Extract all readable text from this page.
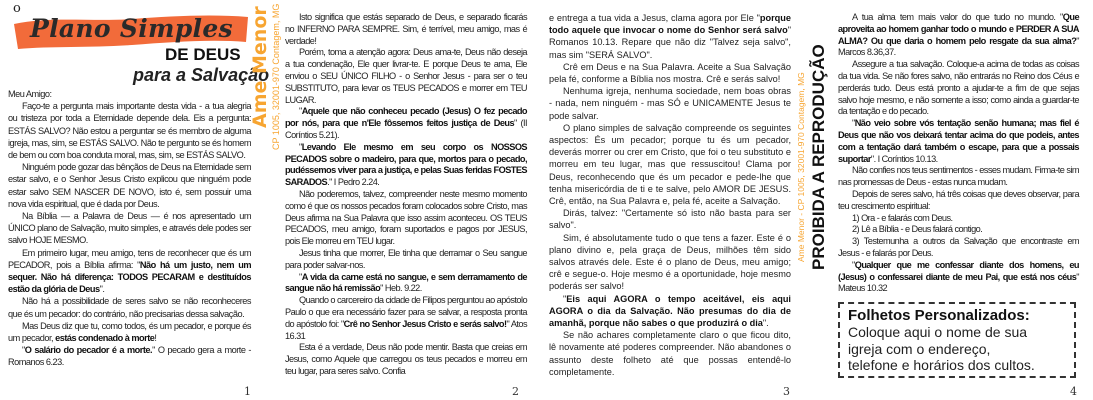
o
Plano Simples
DE DEUS
para a Salvação
Ame Menor CP 1005, 32001-970 Contagem, MG	Ame Menor - CP 1005, 32001-970 Contagem, MG PROIBIDA A REPRODUÇÃO

Meu Amigo:

Faço-te a pergunta mais importante desta vida - a tua alegria ou tristeza por toda a Eternidade depende dela. Eis a pergunta: ESTÁS SALVO? Não estou a perguntar se és membro de alguma igreja, mas, sim, se ESTÁS SALVO. Não te pergunto se és homem de bem ou com boa conduta moral, mas, sim, se ESTÁS SALVO.

Ninguém pode gozar das bênçãos de Deus na Eternidade sem estar salvo, e o Senhor Jesus Cristo explicou que ninguém pode estar salvo SEM NASCER DE NOVO, isto é, sem possuir uma nova vida espiritual, que é dada por Deus.

Na Bíblia — a Palavra de Deus — é nos apresentado um ÚNICO plano de Salvação, muito simples, e através dele podes ser salvo HOJE MESMO.

Em primeiro lugar, meu amigo, tens de reconhecer que és um PECADOR, pois a Bíblia afirma: "Não há um justo, nem um sequer. Não há diferença: TODOS PECARAM e destituídos estão da glória de Deus".

Não há a possibilidade de seres salvo se não reconheceres que és um pecador: do contrário, não precisarias dessa salvação.

Mas Deus diz que tu, como todos, és um pecador, e porque és um pecador, estás condenado à morte!

"O salário do pecador é a morte." O pecado gera a morte - Romanos 6.23.

Isto significa que estás separado de Deus, e separado ficarás no INFERNO PARA SEMPRE. Sim, é terrível, meu amigo, mas é verdade!

Porém, toma a atenção agora: Deus ama-te, Deus não deseja a tua condenação, Ele quer livrar-te. E porque Deus te ama, Ele enviou o SEU ÚNICO FILHO - o Senhor Jesus - para ser o teu SUBSTITUTO, para levar os TEUS PECADOS e morrer em TEU LUGAR.

"Aquele que não conheceu pecado (Jesus) O fez pecado por nós, para que n'Ele fôssemos feitos justiça de Deus" (II Coríntios 5.21).

"Levando Ele mesmo em seu corpo os NOSSOS PECADOS sobre o madeiro, para que, mortos para o pecado, pudéssemos viver para a justiça, e pelas Suas feridas FOSTES SARADOS." I Pedro 2.24.

Não poderemos, talvez, compreender neste mesmo momento como é que os nossos pecados foram colocados sobre Cristo, mas Deus afirma na Sua Palavra que isso assim aconteceu. OS TEUS PECADOS, meu amigo, foram suportados e pagos por JESUS, pois Ele morreu em TEU lugar.

Jesus tinha que morrer, Ele tinha que derramar o Seu sangue para poder salvar-nos.

"A vida da carne está no sangue, e sem derramamento de sangue não há remissão" Heb. 9.22.

Quando o carcereiro da cidade de Filipos perguntou ao apóstolo Paulo o que era necessário fazer para se salvar, a resposta pronta do apóstolo foi: "Crê no Senhor Jesus Cristo e serás salvo!" Atos 16.31

Esta é a verdade, Deus não pode mentir. Basta que creias em Jesus, como Aquele que carregou os teus pecados e morreu em teu lugar, para seres salvo. Confia

e entrega a tua vida a Jesus, clama agora por Ele "porque todo aquele que invocar o nome do Senhor será salvo" Romanos 10.13. Repare que não diz "Talvez seja salvo", mas sim "SERÁ SALVO".

Crê em Deus e na Sua Palavra. Aceite a Sua Salvação pela fé, conforme a Bíblia nos mostra. Crê e serás salvo!

Nenhuma igreja, nenhuma sociedade, nem boas obras - nada, nem ninguém - mas SÓ e UNICAMENTE Jesus te pode salvar.

O plano simples de salvação compreende os seguintes aspectos: És um pecador; porque tu és um pecador, deverás morrer ou crer em Cristo, que foi o teu substituto e morreu em teu lugar, mas que ressuscitou! Clama por Deus, reconhecendo que és um pecador e pede-lhe que tenha misericórdia de ti e te salve, pelo AMOR DE JESUS. Crê, então, na Sua Palavra e, pela fé, aceite a Salvação.

Dirás, talvez: "Certamente só isto não basta para ser salvo".

Sim, é absolutamente tudo o que tens a fazer. Este é o plano divino e, pela graça de Deus, milhões têm sido salvos através dele. Este é o plano de Deus, meu amigo; crê e segue-o. Hoje mesmo é a oportunidade, hoje mesmo poderás ser salvo!

"Eis aqui AGORA o tempo aceitável, eis aqui AGORA o dia da Salvação. Não presumas do dia de amanhã, porque não sabes o que produzirá o dia".

Se não achares completamente claro o que ficou dito, lê novamente até poderes compreender. Não abandones o assunto deste folheto até que possas entendê-lo completamente.

A tua alma tem mais valor do que tudo no mundo. "Que aproveita ao homem ganhar todo o mundo e PERDER A SUA ALMA? Ou que daria o homem pelo resgate da sua alma?" Marcos 8.36,37.

Assegure a tua salvação. Coloque-a acima de todas as coisas da tua vida. Se não fores salvo, não entrarás no Reino dos Céus e perderás tudo. Deus está pronto a ajudar-te a fim de que sejas salvo hoje mesmo, e não somente a isso; como ainda a guardar-te da tentação e do pecado.

"Não veio sobre vós tentação senão humana; mas fiel é Deus que não vos deixará tentar acima do que podeis, antes com a tentação dará também o escape, para que a possais suportar". I Coríntios 10.13.

Não confies nos teus sentimentos - esses mudam. Firma-te sim nas promessas de Deus - estas nunca mudam.

Depois de seres salvo, há três coisas que deves observar, para teu crescimento espiritual:

1) Ora - e falarás com Deus.

2) Lê a Bíblia - e Deus falará contigo.

3) Testemunha a outros da Salvação que encontraste em Jesus - e falarás por Deus.

"Qualquer que me confessar diante dos homens, eu (Jesus) o confessarei diante de meu Pai, que está nos céus" Mateus 10.32

1	2	3	4
Folhetos Personalizados:
Coloque aqui o nome de sua
igreja com o endereço,
telefone e horários dos cultos.
